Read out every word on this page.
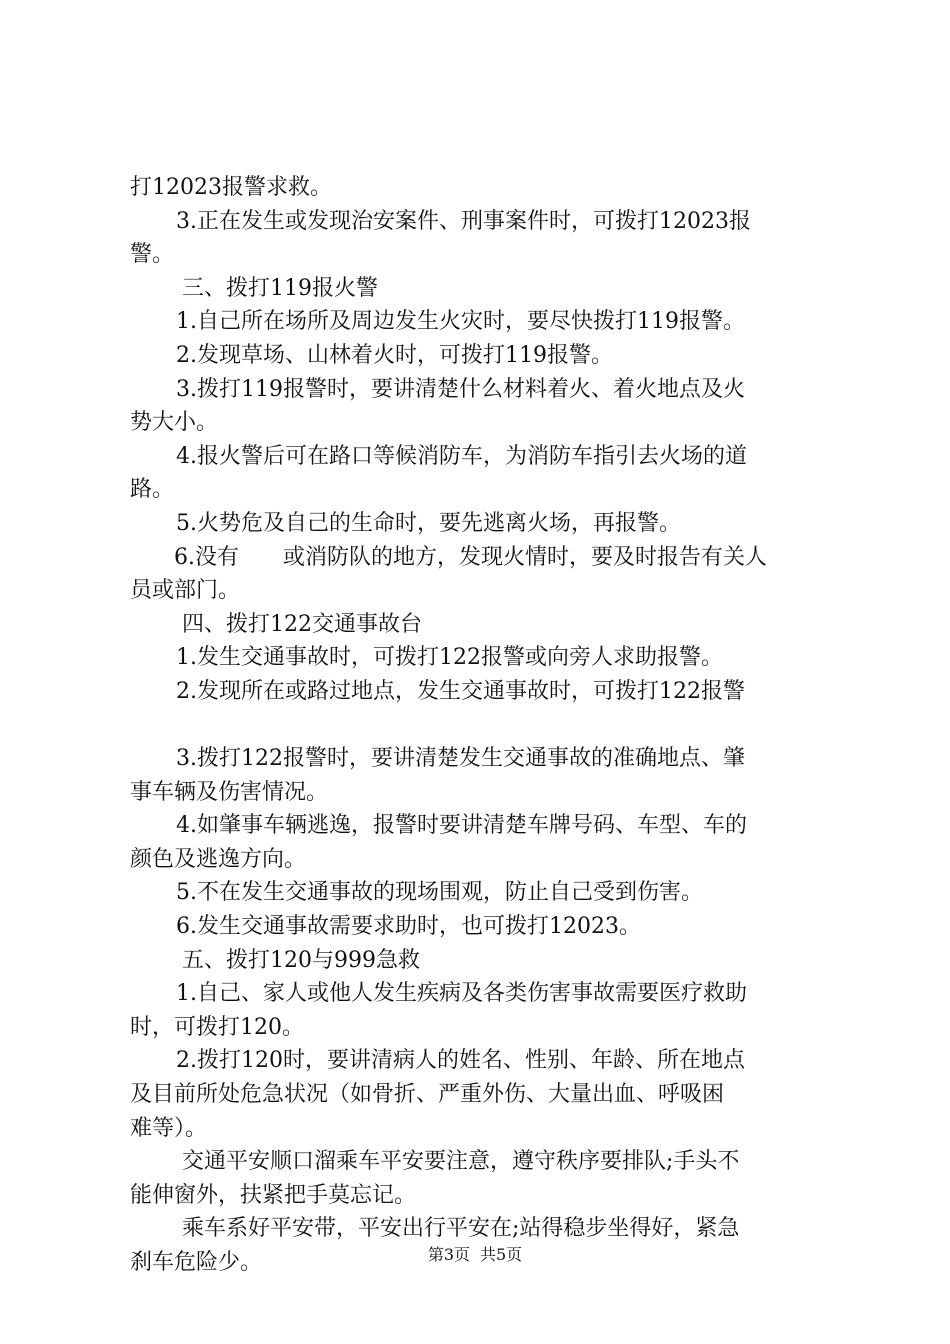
打12023报警求救。
3.正在发生或发现治安案件、刑事案件时，可拨打12023报
警。
三、拨打119报火警
1.自己所在场所及周边发生火灾时，要尽快拨打119报警。
2.发现草场、山林着火时，可拨打119报警。
3.拨打119报警时，要讲清楚什么材料着火、着火地点及火
势大小。
4.报火警后可在路口等候消防车，为消防车指引去火场的道
路。
5.火势危及自己的生命时，要先逃离火场，再报警。
6.没有　　或消防队的地方，发现火情时，要及时报告有关人
员或部门。
四、拨打122交通事故台
1.发生交通事故时，可拨打122报警或向旁人求助报警。
2.发现所在或路过地点，发生交通事故时，可拨打122报警
3.拨打122报警时，要讲清楚发生交通事故的准确地点、肇
事车辆及伤害情况。
4.如肇事车辆逃逸，报警时要讲清楚车牌号码、车型、车的
颜色及逃逸方向。
5.不在发生交通事故的现场围观，防止自己受到伤害。
6.发生交通事故需要求助时，也可拨打12023。
五、拨打120与999急救
1.自己、家人或他人发生疾病及各类伤害事故需要医疗救助
时，可拨打120。
2.拨打120时，要讲清病人的姓名、性别、年龄、所在地点
及目前所处危急状况（如骨折、严重外伤、大量出血、呼吸困
难等）。
交通平安顺口溜乘车平安要注意，遵守秩序要排队;手头不
能伸窗外，扶紧把手莫忘记。
乘车系好平安带，平安出行平安在;站得稳步坐得好，紧急
刹车危险少。	第3页 共5页
